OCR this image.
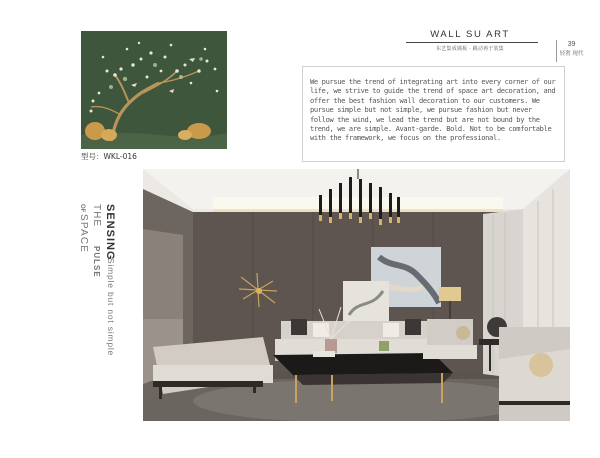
型号：WKL-016
WALL SU ART
东艺集成墙板 · 跳动再于装集
39
轻奢 现代

We pursue the trend of integrating art into every corner of our life, we strive to guide the trend of space art decoration, and offer the best fashion wall decoration to our customers. We pursue simple but not simple, we pursue fashion but never follow the wind, we lead the trend but are not bound by the trend, we are simple. Avant-garde. Bold. Not to be comfortable with the framework, we focus on the professional.

SENSING
Simple but not simple
THE
PULSE
SPACE
OF
